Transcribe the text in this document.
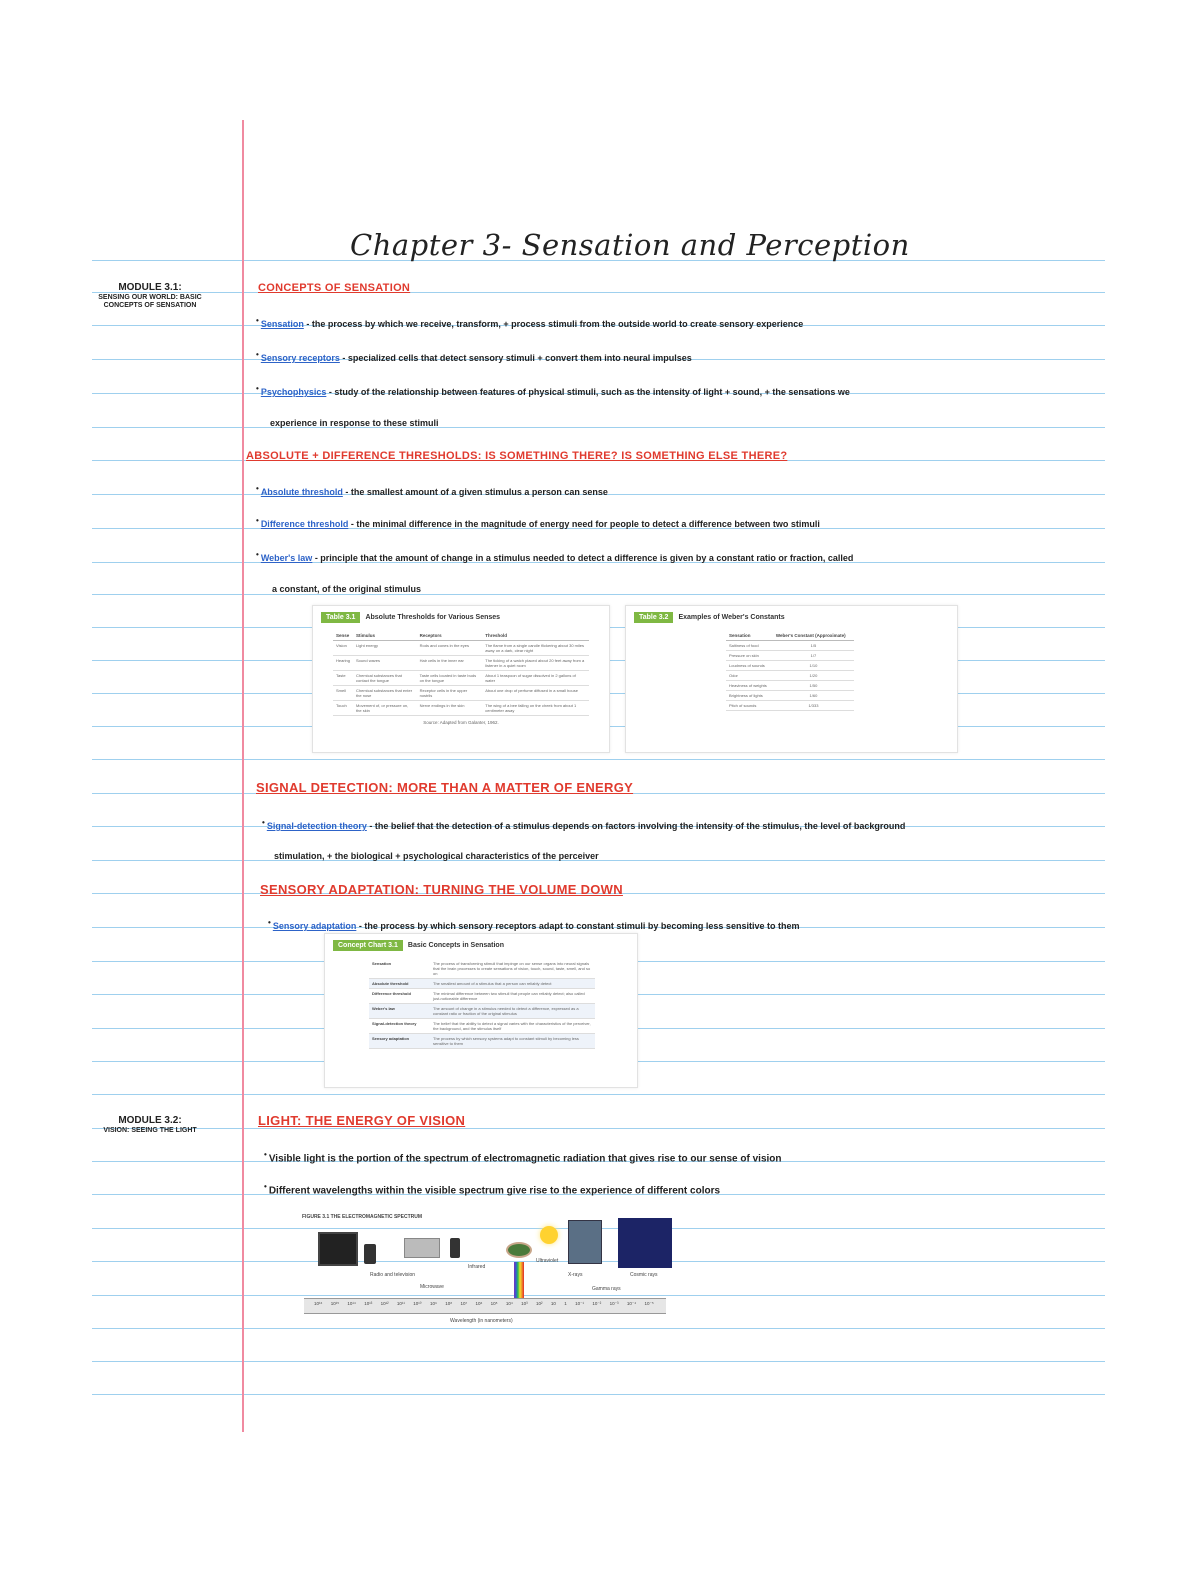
Chapter 3- Sensation and Perception
MODULE 3.1:
SENSING OUR WORLD: BASIC CONCEPTS OF SENSATION
MODULE 3.2:
VISION: SEEING THE LIGHT
CONCEPTS OF SENSATION
• Sensation - the process by which we receive, transform, + process stimuli from the outside world to create sensory experience
• Sensory receptors - specialized cells that detect sensory stimuli + convert them into neural impulses
• Psychophysics - study of the relationship between features of physical stimuli, such as the intensity of light + sound, + the sensations we
experience in response to these stimuli
ABSOLUTE + DIFFERENCE THRESHOLDS: IS SOMETHING THERE? IS SOMETHING ELSE THERE?
• Absolute threshold - the smallest amount of a given stimulus a person can sense
• Difference threshold - the minimal difference in the magnitude of energy need for people to detect a difference between two stimuli
• Weber's law - principle that the amount of change in a stimulus needed to detect a difference is given by a constant ratio or fraction, called
a constant, of the original stimulus
Table 3.1 Absolute Thresholds for Various Senses
Sense	Stimulus	Receptors	Threshold
Vision	Light energy	Rods and cones in the eyes	The flame from a single candle flickering about 30 miles away on a dark, clear night
Hearing	Sound waves	Hair cells in the inner ear	The ticking of a watch placed about 20 feet away from a listener in a quiet room
Taste	Chemical substances that contact the tongue	Taste cells located in taste buds on the tongue	About 1 teaspoon of sugar dissolved in 2 gallons of water
Smell	Chemical substances that enter the nose	Receptor cells in the upper nostrils	About one drop of perfume diffused in a small house
Touch	Movement of, or pressure on, the skin	Nerve endings in the skin	The wing of a bee falling on the cheek from about 1 centimeter away
Source: Adapted from Galanter, 1962.
Table 3.2 Examples of Weber's Constants
Sensation	Weber's Constant (Approximate)
Saltiness of food	1/5
Pressure on skin	1/7
Loudness of sounds	1/10
Odor	1/20
Heaviness of weights	1/50
Brightness of lights	1/60
Pitch of sounds	1/333
SIGNAL DETECTION: MORE THAN A MATTER OF ENERGY
• Signal-detection theory - the belief that the detection of a stimulus depends on factors involving the intensity of the stimulus, the level of background
stimulation, + the biological + psychological characteristics of the perceiver
SENSORY ADAPTATION: TURNING THE VOLUME DOWN
• Sensory adaptation - the process by which sensory receptors adapt to constant stimuli by becoming less sensitive to them
Concept Chart 3.1 Basic Concepts in Sensation
Sensation	The process of transforming stimuli that impinge on our sense organs into neural signals that the brain processes to create sensations of vision, touch, sound, taste, smell, and so on
Absolute threshold	The smallest amount of a stimulus that a person can reliably detect
Difference threshold	The minimal difference between two stimuli that people can reliably detect; also called just-noticeable difference
Weber's law	The amount of change in a stimulus needed to detect a difference, expressed as a constant ratio or fraction of the original stimulus
Signal-detection theory	The belief that the ability to detect a signal varies with the characteristics of the perceiver, the background, and the stimulus itself
Sensory adaptation	The process by which sensory systems adapt to constant stimuli by becoming less sensitive to them
LIGHT: THE ENERGY OF VISION
• Visible light is the portion of the spectrum of electromagnetic radiation that gives rise to our sense of vision
• Different wavelengths within the visible spectrum give rise to the experience of different colors
FIGURE 3.1 THE ELECTROMAGNETIC SPECTRUM
Radio and television
Microwave
Infrared
Ultraviolet
X-rays
Gamma rays
Cosmic rays
10¹⁶ 10¹⁵ 10¹⁴ 10¹³ 10¹² 10¹¹ 10¹⁰ 10⁹ 10⁸ 10⁷ 10⁶ 10⁵ 10⁴ 10³ 10² 10 1 10⁻¹ 10⁻² 10⁻³ 10⁻⁴ 10⁻⁵
Wavelength (in nanometers)
